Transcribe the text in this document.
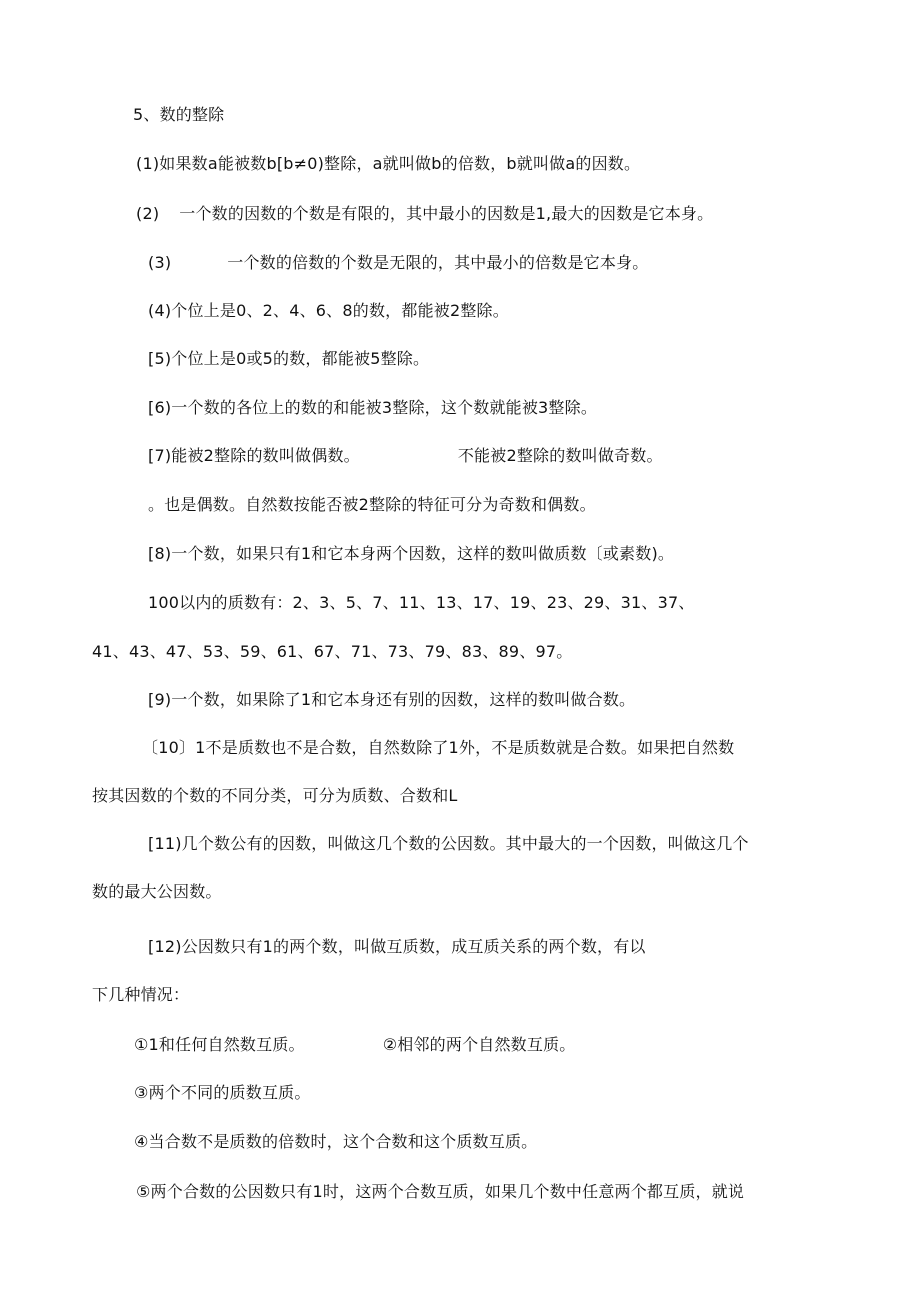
5、数的整除
(1)如果数a能被数b[b≠0)整除，a就叫做b的倍数，b就叫做a的因数。
(2) 一个数的因数的个数是有限的，其中最小的因数是1,最大的因数是它本身。
(3)	一个数的倍数的个数是无限的，其中最小的倍数是它本身。
(4)个位上是0、2、4、6、8的数，都能被2整除。
[5)个位上是0或5的数，都能被5整除。
[6)一个数的各位上的数的和能被3整除，这个数就能被3整除。
[7)能被2整除的数叫做偶数。	不能被2整除的数叫做奇数。
。也是偶数。自然数按能否被2整除的特征可分为奇数和偶数。
[8)一个数，如果只有1和它本身两个因数，这样的数叫做质数〔或素数)。
100以内的质数有：2、3、5、7、11、13、17、19、23、29、31、37、
41、43、47、53、59、61、67、71、73、79、83、89、97。
[9)一个数，如果除了1和它本身还有别的因数，这样的数叫做合数。
〔10〕1不是质数也不是合数，自然数除了1外，不是质数就是合数。如果把自然数
按其因数的个数的不同分类，可分为质数、合数和L
[11)几个数公有的因数，叫做这几个数的公因数。其中最大的一个因数，叫做这几个
数的最大公因数。
[12)公因数只有1的两个数，叫做互质数，成互质关系的两个数，有以
下几种情况：
①1和任何自然数互质。	②相邻的两个自然数互质。
③两个不同的质数互质。
④当合数不是质数的倍数时，这个合数和这个质数互质。
⑤两个合数的公因数只有1时，这两个合数互质，如果几个数中任意两个都互质，就说
